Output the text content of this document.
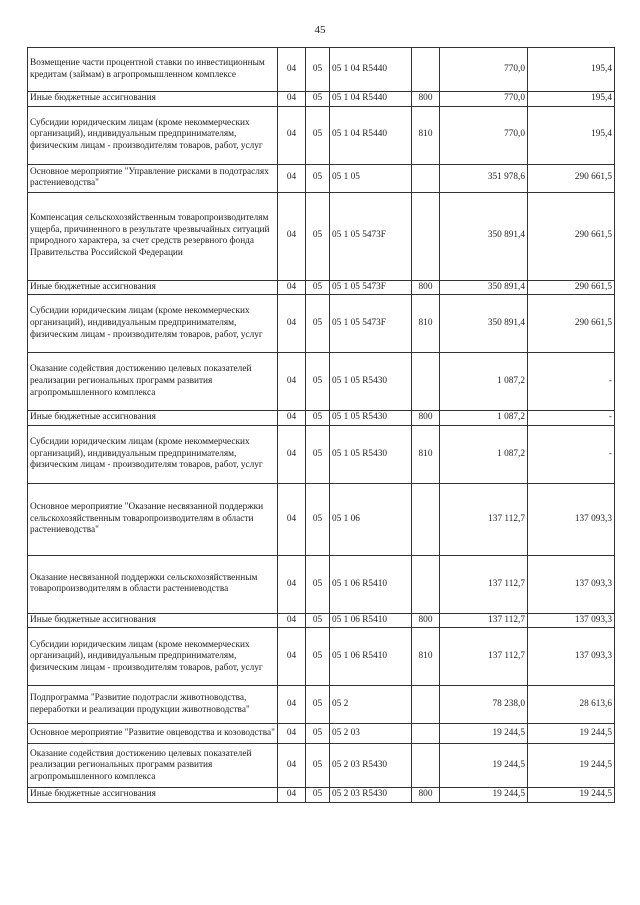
45
Возмещение части процентной ставки по инвестиционным кредитам (займам) в агропромышленном комплексе	04	05	05 1 04 R5440		770,0	195,4
Иные бюджетные ассигнования	04	05	05 1 04 R5440	800	770,0	195,4
Субсидии юридическим лицам (кроме некоммерческих организаций), индивидуальным предпринимателям, физическим лицам - производителям товаров, работ, услуг	04	05	05 1 04 R5440	810	770,0	195,4
Основное мероприятие "Управление рисками в подотраслях растениеводства"	04	05	05 1 05		351 978,6	290 661,5
Компенсация сельскохозяйственным товаропроизводителям ущерба, причиненного в результате чрезвычайных ситуаций природного характера, за счет средств резервного фонда Правительства Российской Федерации	04	05	05 1 05 5473F		350 891,4	290 661,5
Иные бюджетные ассигнования	04	05	05 1 05 5473F	800	350 891,4	290 661,5
Субсидии юридическим лицам (кроме некоммерческих организаций), индивидуальным предпринимателям, физическим лицам - производителям товаров, работ, услуг	04	05	05 1 05 5473F	810	350 891,4	290 661,5
Оказание содействия достижению целевых показателей реализации региональных программ развития агропромышленного комплекса	04	05	05 1 05 R5430		1 087,2	-
Иные бюджетные ассигнования	04	05	05 1 05 R5430	800	1 087,2	-
Субсидии юридическим лицам (кроме некоммерческих организаций), индивидуальным предпринимателям, физическим лицам - производителям товаров, работ, услуг	04	05	05 1 05 R5430	810	1 087,2	-
Основное мероприятие "Оказание несвязанной поддержки сельскохозяйственным товаропроизводителям в области растениеводства"	04	05	05 1 06		137 112,7	137 093,3
Оказание несвязанной поддержки сельскохозяйственным товаропроизводителям в области растениеводства	04	05	05 1 06 R5410		137 112,7	137 093,3
Иные бюджетные ассигнования	04	05	05 1 06 R5410	800	137 112,7	137 093,3
Субсидии юридическим лицам (кроме некоммерческих организаций), индивидуальным предпринимателям, физическим лицам - производителям товаров, работ, услуг	04	05	05 1 06 R5410	810	137 112,7	137 093,3
Подпрограмма "Развитие подотрасли животноводства, переработки и реализации продукции животноводства"	04	05	05 2		78 238,0	28 613,6
Основное мероприятие "Развитие овцеводства и козоводства"	04	05	05 2 03		19 244,5	19 244,5
Оказание содействия достижению целевых показателей реализации региональных программ развития агропромышленного комплекса	04	05	05 2 03 R5430		19 244,5	19 244,5
Иные бюджетные ассигнования	04	05	05 2 03 R5430	800	19 244,5	19 244,5
